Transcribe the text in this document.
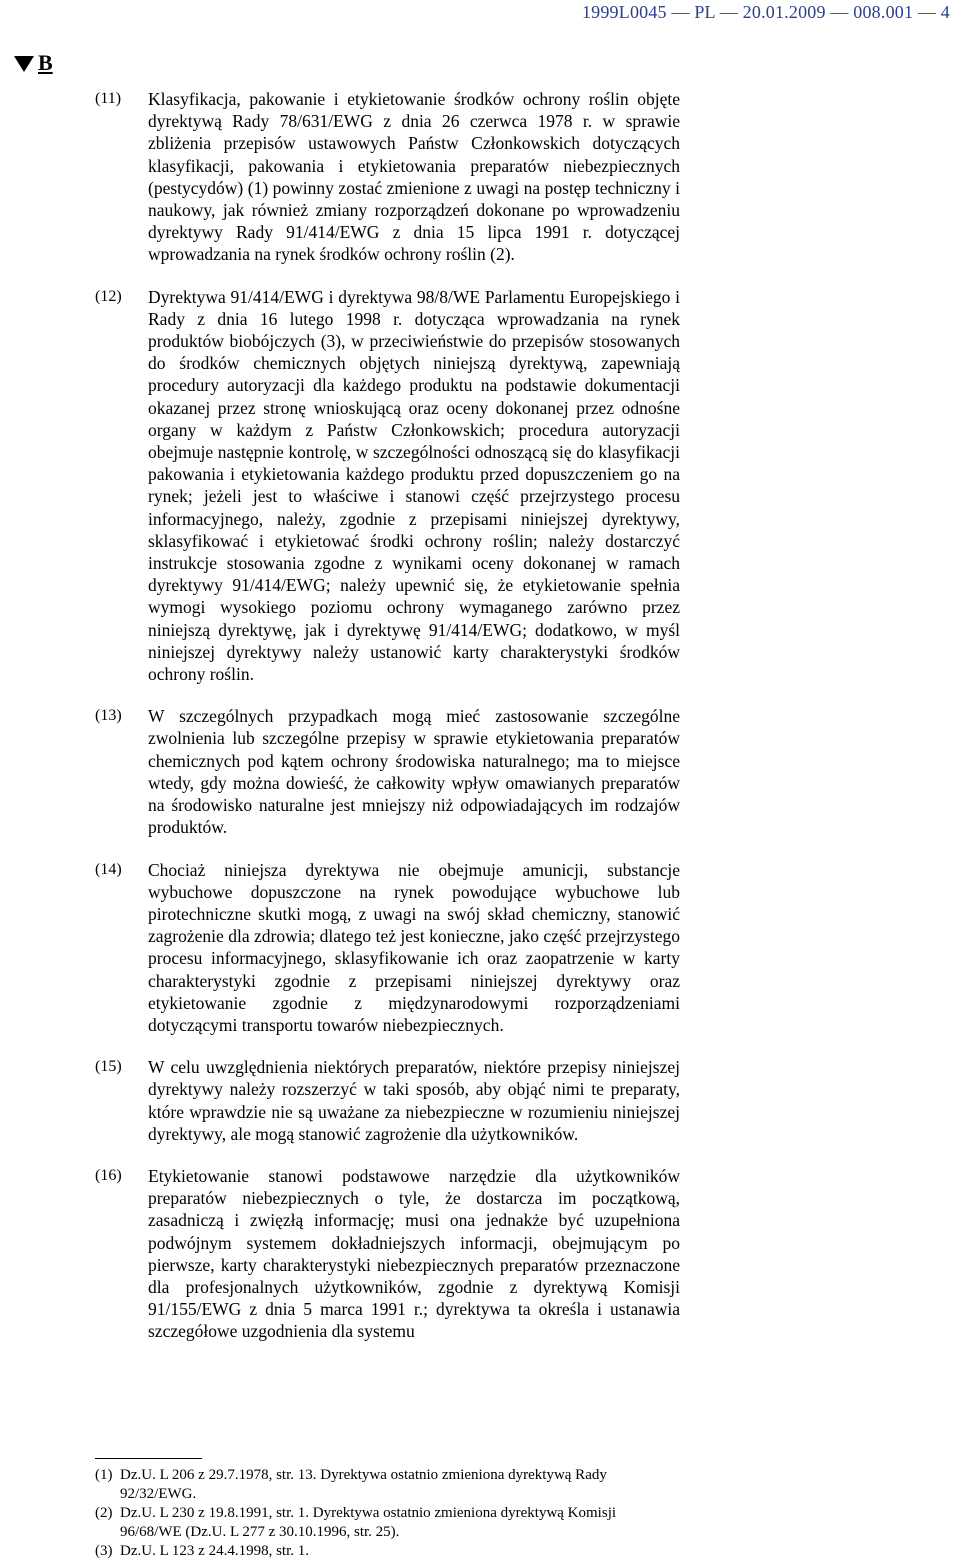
1999L0045 — PL — 20.01.2009 — 008.001 — 4
B
(11)	Klasyfikacja, pakowanie i etykietowanie środków ochrony roślin objęte dyrektywą Rady 78/631/EWG z dnia 26 czerwca 1978 r. w sprawie zbliżenia przepisów ustawowych Państw Członkowskich dotyczących klasyfikacji, pakowania i etykietowania preparatów niebezpiecznych (pestycydów) (1) powinny zostać zmienione z uwagi na postęp techniczny i naukowy, jak również zmiany rozporządzeń dokonane po wprowadzeniu dyrektywy Rady 91/414/EWG z dnia 15 lipca 1991 r. dotyczącej wprowadzania na rynek środków ochrony roślin (2).
(12)	Dyrektywa 91/414/EWG i dyrektywa 98/8/WE Parlamentu Europejskiego i Rady z dnia 16 lutego 1998 r. dotycząca wprowadzania na rynek produktów biobójczych (3), w przeciwieństwie do przepisów stosowanych do środków chemicznych objętych niniejszą dyrektywą, zapewniają procedury autoryzacji dla każdego produktu na podstawie dokumentacji okazanej przez stronę wnioskującą oraz oceny dokonanej przez odnośne organy w każdym z Państw Członkowskich; procedura autoryzacji obejmuje następnie kontrolę, w szczególności odnoszącą się do klasyfikacji pakowania i etykietowania każdego produktu przed dopuszczeniem go na rynek; jeżeli jest to właściwe i stanowi część przejrzystego procesu informacyjnego, należy, zgodnie z przepisami niniejszej dyrektywy, sklasyfikować i etykietować środki ochrony roślin; należy dostarczyć instrukcje stosowania zgodne z wynikami oceny dokonanej w ramach dyrektywy 91/414/EWG; należy upewnić się, że etykietowanie spełnia wymogi wysokiego poziomu ochrony wymaganego zarówno przez niniejszą dyrektywę, jak i dyrektywę 91/414/EWG; dodatkowo, w myśl niniejszej dyrektywy należy ustanowić karty charakterystyki środków ochrony roślin.
(13)	W szczególnych przypadkach mogą mieć zastosowanie szczególne zwolnienia lub szczególne przepisy w sprawie etykietowania preparatów chemicznych pod kątem ochrony środowiska naturalnego; ma to miejsce wtedy, gdy można dowieść, że całkowity wpływ omawianych preparatów na środowisko naturalne jest mniejszy niż odpowiadających im rodzajów produktów.
(14)	Chociaż niniejsza dyrektywa nie obejmuje amunicji, substancje wybuchowe dopuszczone na rynek powodujące wybuchowe lub pirotechniczne skutki mogą, z uwagi na swój skład chemiczny, stanowić zagrożenie dla zdrowia; dlatego też jest konieczne, jako część przejrzystego procesu informacyjnego, sklasyfikowanie ich oraz zaopatrzenie w karty charakterystyki zgodnie z przepisami niniejszej dyrektywy oraz etykietowanie zgodnie z międzynarodowymi rozporządzeniami dotyczącymi transportu towarów niebezpiecznych.
(15)	W celu uwzględnienia niektórych preparatów, niektóre przepisy niniejszej dyrektywy należy rozszerzyć w taki sposób, aby objąć nimi te preparaty, które wprawdzie nie są uważane za niebezpieczne w rozumieniu niniejszej dyrektywy, ale mogą stanowić zagrożenie dla użytkowników.
(16)	Etykietowanie stanowi podstawowe narzędzie dla użytkowników preparatów niebezpiecznych o tyle, że dostarcza im początkową, zasadniczą i zwięzłą informację; musi ona jednakże być uzupełniona podwójnym systemem dokładniejszych informacji, obejmującym po pierwsze, karty charakterystyki niebezpiecznych preparatów przeznaczone dla profesjonalnych użytkowników, zgodnie z dyrektywą Komisji 91/155/EWG z dnia 5 marca 1991 r.; dyrektywa ta określa i ustanawia szczegółowe uzgodnienia dla systemu
(1) Dz.U. L 206 z 29.7.1978, str. 13. Dyrektywa ostatnio zmieniona dyrektywą Rady 92/32/EWG.
(2) Dz.U. L 230 z 19.8.1991, str. 1. Dyrektywa ostatnio zmieniona dyrektywą Komisji 96/68/WE (Dz.U. L 277 z 30.10.1996, str. 25).
(3) Dz.U. L 123 z 24.4.1998, str. 1.
